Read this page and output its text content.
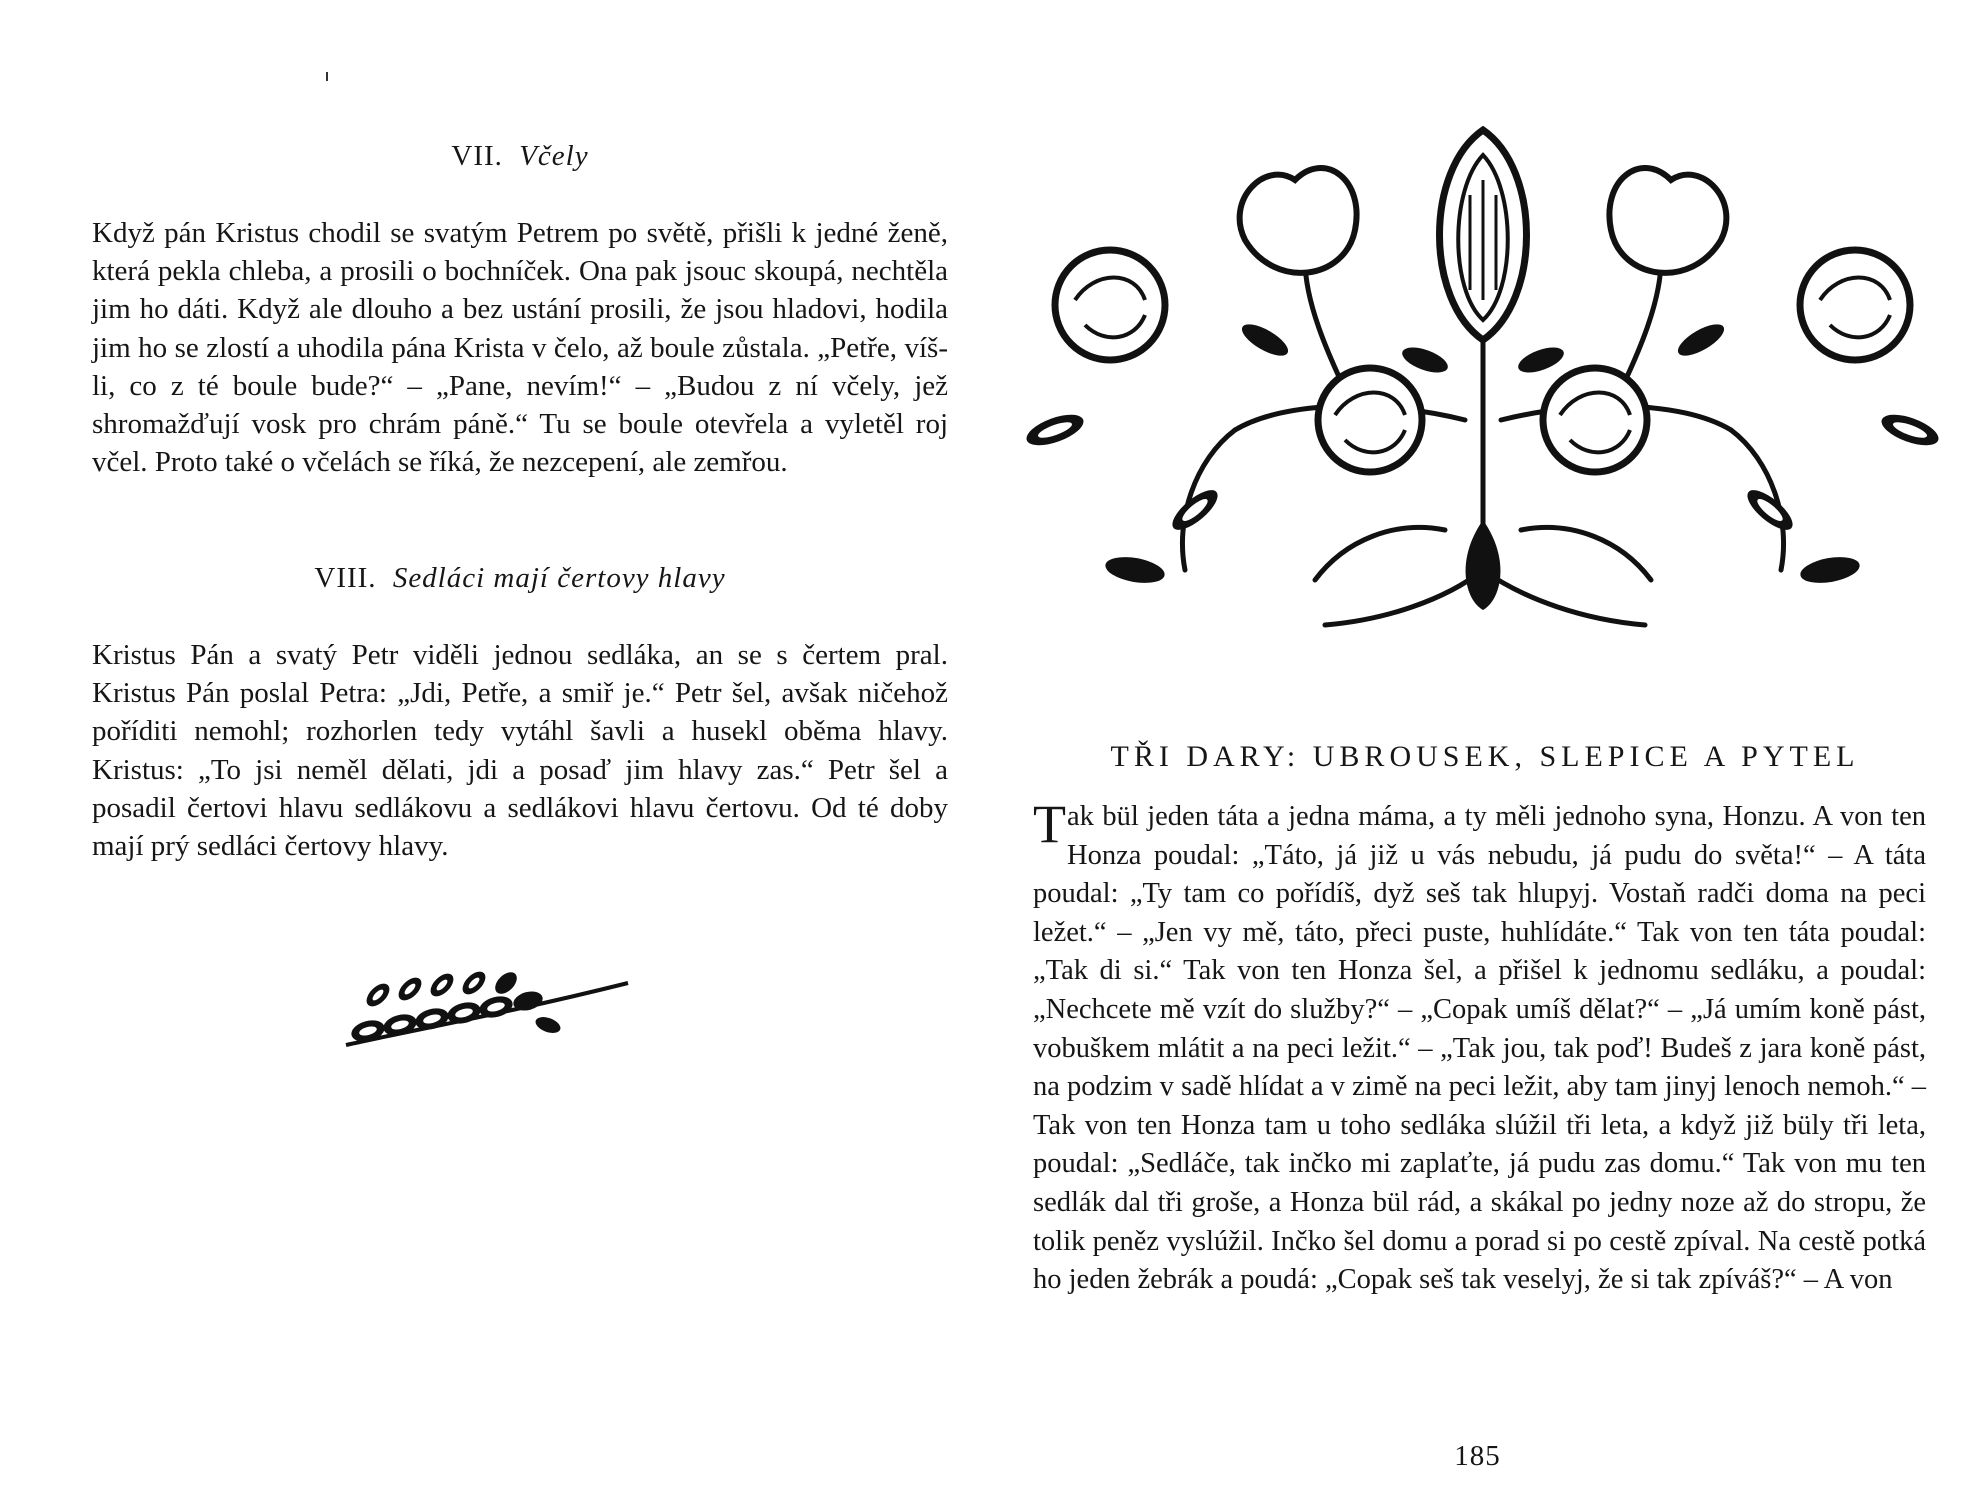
VII. Včely
Když pán Kristus chodil se svatým Petrem po světě, přišli k jedné ženě, která pekla chleba, a prosili o bochníček. Ona pak jsouc skoupá, nechtěla jim ho dáti. Když ale dlouho a bez ustání prosili, že jsou hladovi, hodila jim ho se zlostí a uhodila pána Krista v čelo, až boule zůstala. „Petře, víš-li, co z té boule bude?“ – „Pane, nevím!“ – „Budou z ní včely, jež shromažďují vosk pro chrám páně.“ Tu se boule otevřela a vyletěl roj včel. Proto také o včelách se říká, že nezcepení, ale zemřou.
VIII. Sedláci mají čertovy hlavy
Kristus Pán a svatý Petr viděli jednou sedláka, an se s čertem pral. Kristus Pán poslal Petra: „Jdi, Petře, a smiř je.“ Petr šel, avšak ničehož poříditi nemohl; rozhorlen tedy vytáhl šavli a husekl oběma hlavy. Kristus: „To jsi neměl dělati, jdi a posaď jim hlavy zas.“ Petr šel a posadil čertovi hlavu sedlákovu a sedlákovi hlavu čertovu. Od té doby mají prý sedláci čertovy hlavy.
TŘI DARY: UBROUSEK, SLEPICE A PYTEL
Tak bül jeden táta a jedna máma, a ty měli jednoho syna, Honzu. A von ten Honza poudal: „Táto, já již u vás nebudu, já pudu do světa!“ – A táta poudal: „Ty tam co pořídíš, dyž seš tak hlupyj. Vostaň radči doma na peci ležet.“ – „Jen vy mě, táto, přeci puste, huhlídáte.“ Tak von ten táta poudal: „Tak di si.“ Tak von ten Honza šel, a přišel k jednomu sedláku, a poudal: „Nechcete mě vzít do služby?“ – „Copak umíš dělat?“ – „Já umím koně pást, vobuškem mlátit a na peci ležit.“ – „Tak jou, tak poď! Budeš z jara koně pást, na podzim v sadě hlídat a v zimě na peci ležit, aby tam jinyj lenoch nemoh.“ – Tak von ten Honza tam u toho sedláka slúžil tři leta, a když již büly tři leta, poudal: „Sedláče, tak inčko mi zaplaťte, já pudu zas domu.“ Tak von mu ten sedlák dal tři groše, a Honza bül rád, a skákal po jedny noze až do stropu, že tolik peněz vyslúžil. Inčko šel domu a porad si po cestě zpíval. Na cestě potká ho jeden žebrák a poudá: „Copak seš tak veselyj, že si tak zpíváš?“ – A von
185
